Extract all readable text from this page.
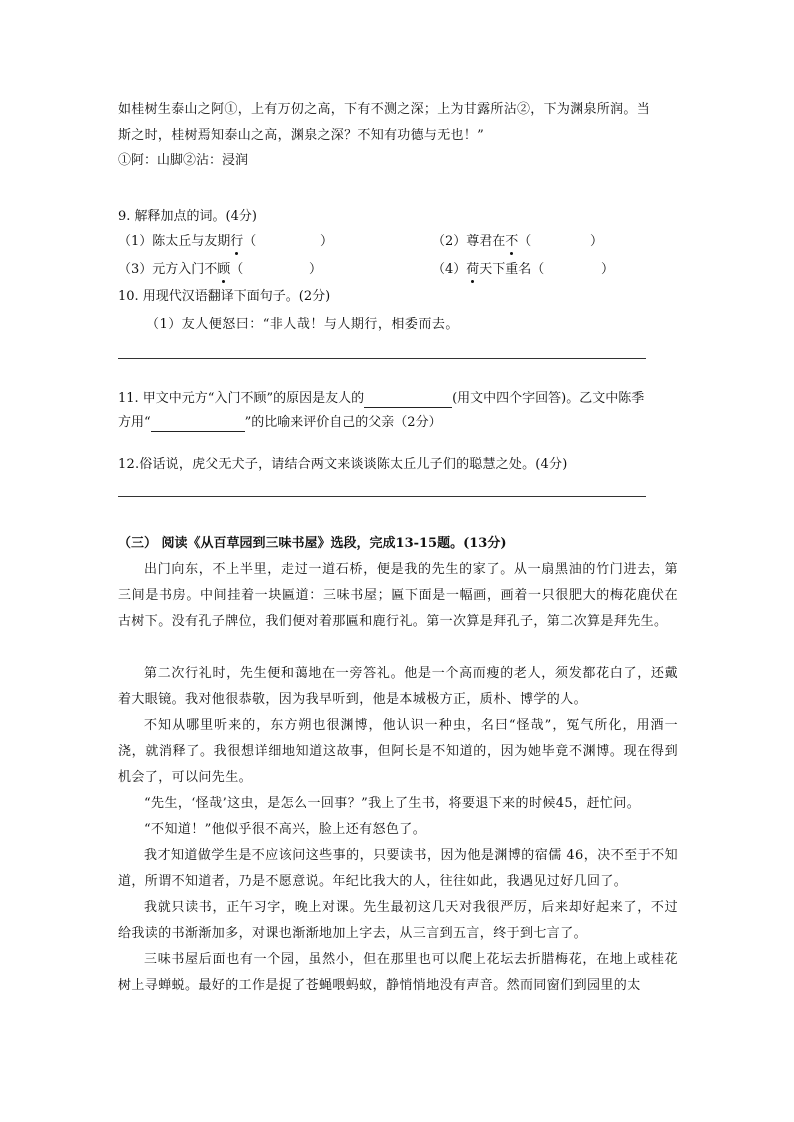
如桂树生泰山之阿①，上有万仞之高，下有不测之深；上为甘露所沾②，下为渊泉所润。当
斯之时，桂树焉知泰山之高，渊泉之深？不知有功德与无也！”
①阿：山脚②沾：浸润
9. 解释加点的词。(4分)
（1）陈太丘与友期行（	）	（2）尊君在不（	）
（3）元方入门不顾（	）	（4）荷天下重名（	）
10. 用现代汉语翻译下面句子。(2分)
（1）友人便怒曰：“非人哉！与人期行，相委而去。
11. 甲文中元方“入门不顾”的原因是友人的	(用文中四个字回答)。乙文中陈季
方用“	”的比喻来评价自己的父亲（2分）
12.俗话说，虎父无犬子，请结合两文来谈谈陈太丘儿子们的聪慧之处。(4分)
（三） 阅读《从百草园到三味书屋》选段，完成13-15题。(13分)
出门向东，不上半里，走过一道石桥，便是我的先生的家了。从一扇黑油的竹门进去，第三间是书房。中间挂着一块匾道：三味书屋；匾下面是一幅画，画着一只很肥大的梅花鹿伏在古树下。没有孔子牌位，我们便对着那匾和鹿行礼。第一次算是拜孔子，第二次算是拜先生。
第二次行礼时，先生便和蔼地在一旁答礼。他是一个高而瘦的老人，须发都花白了，还戴着大眼镜。我对他很恭敬，因为我早听到，他是本城极方正，质朴、博学的人。
不知从哪里听来的，东方朔也很渊博，他认识一种虫，名曰“怪哉”，冤气所化，用酒一浇，就消释了。我很想详细地知道这故事，但阿长是不知道的，因为她毕竟不渊博。现在得到机会了，可以问先生。
“先生，‘怪哉’这虫，是怎么一回事？”我上了生书，将要退下来的时候45，赶忙问。
“不知道！”他似乎很不高兴，脸上还有怒色了。
我才知道做学生是不应该问这些事的，只要读书，因为他是渊博的宿儒 46，决不至于不知道，所谓不知道者，乃是不愿意说。年纪比我大的人，往往如此，我遇见过好几回了。
我就只读书，正午习字，晚上对课。先生最初这几天对我很严厉，后来却好起来了，不过给我读的书渐渐加多，对课也渐渐地加上字去，从三言到五言，终于到七言了。
三味书屋后面也有一个园，虽然小，但在那里也可以爬上花坛去折腊梅花，在地上或桂花树上寻蝉蜕。最好的工作是捉了苍蝇喂蚂蚁，静悄悄地没有声音。然而同窗们到园里的太
